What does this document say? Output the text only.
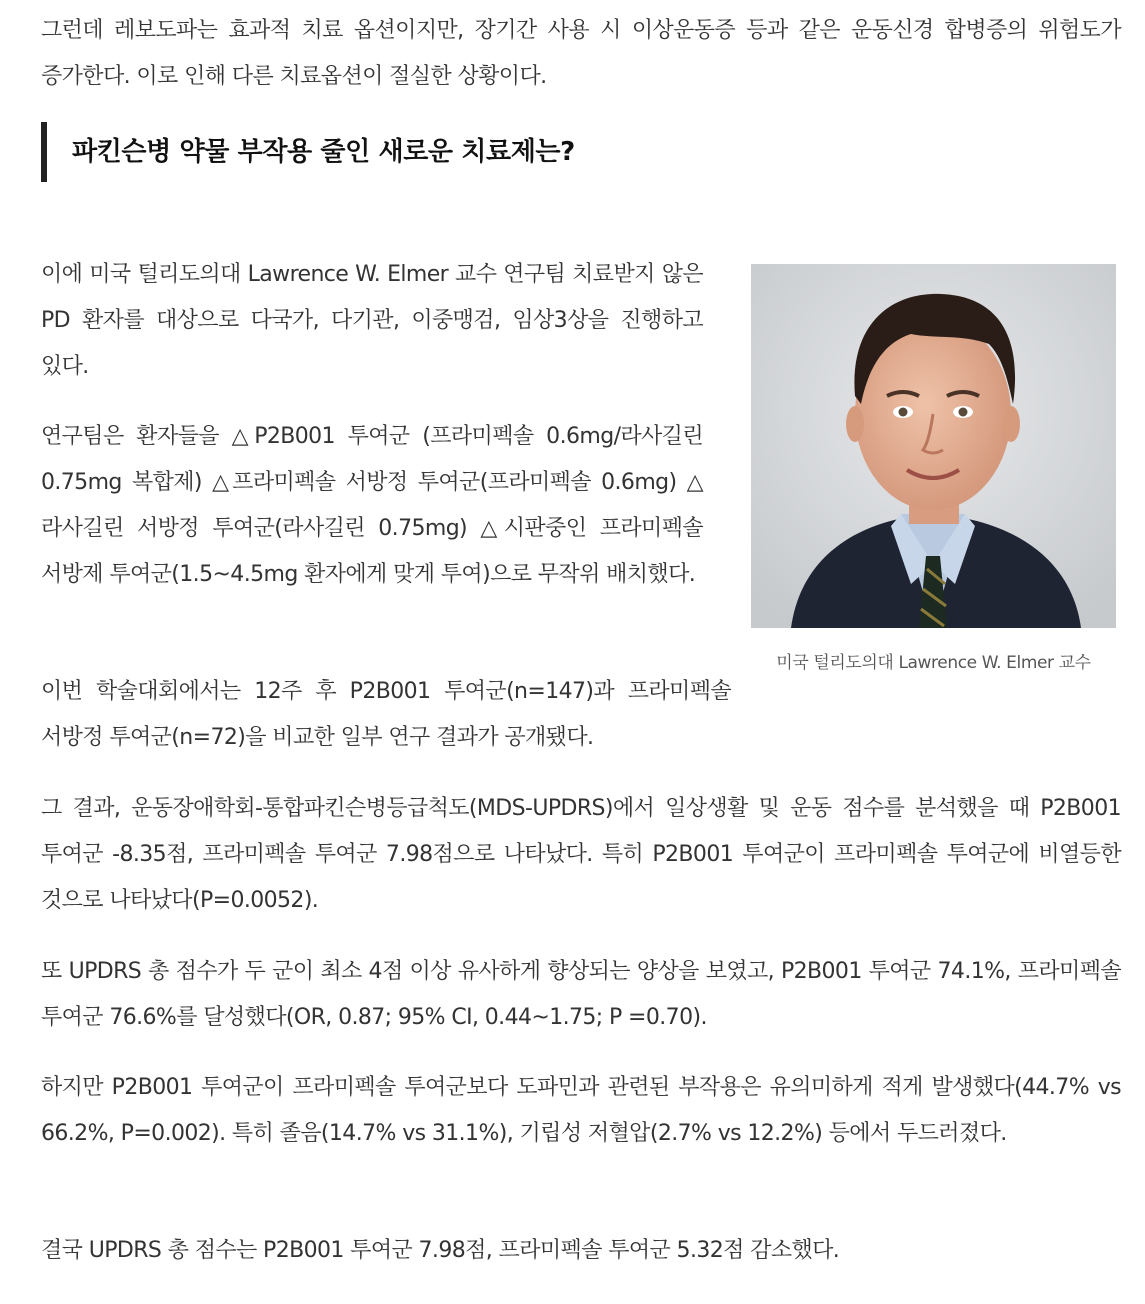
그런데 레보도파는 효과적 치료 옵션이지만, 장기간 사용 시 이상운동증 등과 같은 운동신경 합병증의 위험도가 증가한다. 이로 인해 다른 치료옵션이 절실한 상황이다.

파킨슨병 약물 부작용 줄인 새로운 치료제는?

이에 미국 털리도의대 Lawrence W. Elmer 교수 연구팀 치료받지 않은 PD 환자를 대상으로 다국가, 다기관, 이중맹검, 임상3상을 진행하고 있다.

연구팀은 환자들을 △P2B001 투여군 (프라미펙솔 0.6mg/라사길린 0.75mg 복합제) △프라미펙솔 서방정 투여군(프라미펙솔 0.6mg) △라사길린 서방정 투여군(라사길린 0.75mg) △시판중인 프라미펙솔 서방제 투여군(1.5~4.5mg 환자에게 맞게 투여)으로 무작위 배치했다.

이번 학술대회에서는 12주 후 P2B001 투여군(n=147)과 프라미펙솔 서방정 투여군(n=72)을 비교한 일부 연구 결과가 공개됐다.

그 결과, 운동장애학회-통합파킨슨병등급척도(MDS-UPDRS)에서 일상생활 및 운동 점수를 분석했을 때 P2B001 투여군 -8.35점, 프라미펙솔 투여군 7.98점으로 나타났다. 특히 P2B001 투여군이 프라미펙솔 투여군에 비열등한 것으로 나타났다(P=0.0052).

또 UPDRS 총 점수가 두 군이 최소 4점 이상 유사하게 향상되는 양상을 보였고, P2B001 투여군 74.1%, 프라미펙솔 투여군 76.6%를 달성했다(OR, 0.87; 95% CI, 0.44~1.75; P =0.70).

하지만 P2B001 투여군이 프라미펙솔 투여군보다 도파민과 관련된 부작용은 유의미하게 적게 발생했다(44.7% vs 66.2%, P=0.002). 특히 졸음(14.7% vs 31.1%), 기립성 저혈압(2.7% vs 12.2%) 등에서 두드러졌다.

결국 UPDRS 총 점수는 P2B001 투여군 7.98점, 프라미펙솔 투여군 5.32점 감소했다.

미국 털리도의대 Lawrence W. Elmer 교수
